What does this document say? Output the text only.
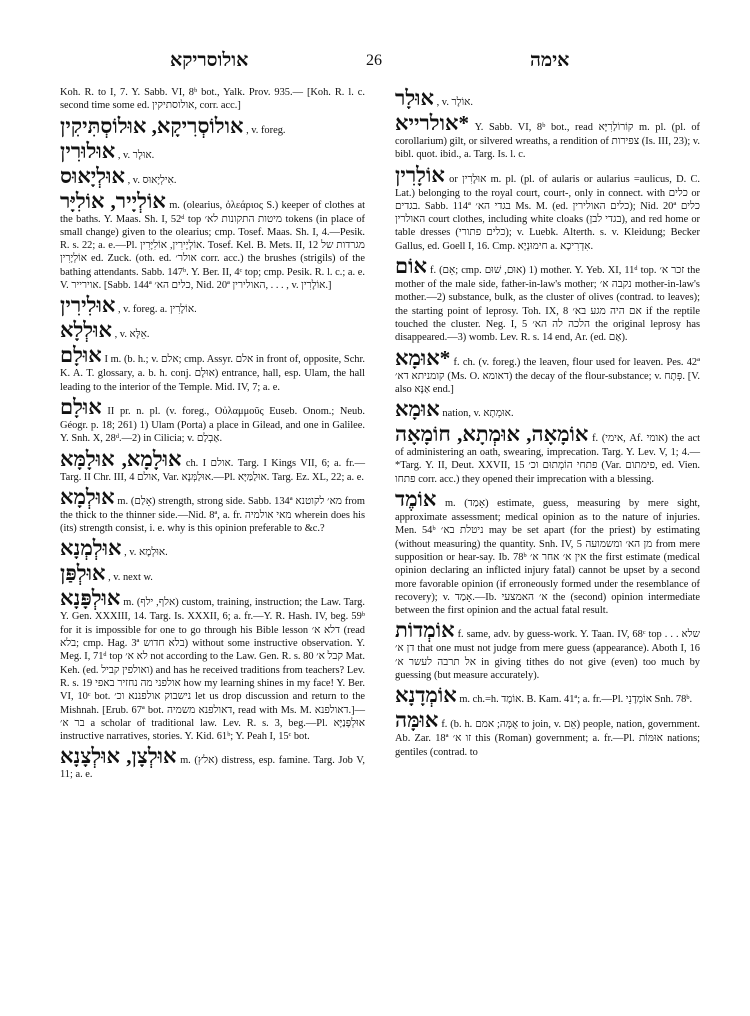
אולוסריקא	26	אימה

Koh. R. to I, 7. Y. Sabb. VI, 8ᵇ bot., Yalk. Prov. 935.— [Koh. R. l. c. second time some ed. אולוסתיקין, corr. acc.]

אולוֹסְרִיקָא, אוּלוֹסְתִּיקִין , v. foreg.

אוּלוּרִין , v. אוּלָר.

אוּלְיָאוּס , v. אִילְיָאוּס.

אוֹלְיָיר, אוֹלִיָּר m. (olearius, ὀλεάριος S.) keeper of clothes at the baths. Y. Maas. Sh. I, 52ᵈ top מיטות התקונות לא׳ tokens (in place of small change) given to the olearius; cmp. Tosef. Maas. Sh. I, 4.—Pesik. R. s. 22; a. e.—Pl. אוֹלְיָירִין, אוֹלִיָּרִין. Tosef. Kel. B. Mets. II, 12 מגרדות של אוֹלְיָרִין ed. Zuck. (oth. ed. אולר׳ corr. acc.) the brushes (strigils) of the bathing attendants. Sabb. 147ᵇ. Y. Ber. II, 4ᶜ top; cmp. Pesik. R. l. c.; a. e. V. אוירייר. [Sabb. 144ª כלים הא׳, Nid. 20ª האולירין, . . . , v. אוֹלָרִין.]

אוּלִירִין , v. foreg. a. אוֹלָרִין.

אוּלְלָא , v. אֵלָּא.

אוּלָם I m. (b. h.; v. אלם; cmp. Assyr. אלם in front of, opposite, Schr. K. A. T. glossary, a. b. h. conj. אוּלָם) entrance, hall, esp. Ulam, the hall leading to the interior of the Temple. Mid. IV, 7; a. e.

אוּלָם II pr. n. pl. (v. foreg., Οὐλαμμοῦς Euseb. Onom.; Neub. Géogr. p. 18; 261) 1) Ulam (Porta) a place in Gilead, and one in Galilee. Y. Snh. X, 28ᵈ.—2) in Cilicia; v. אַבְלַם.

אוּלָמָא, אוּלָמָּא ch. I אולם. Targ. I Kings VII, 6; a. fr.—Targ. II Chr. III, 4 אולם, Var. אוּלַמְּנָא.—Pl. אוּלַמַּיָּא. Targ. Ez. XL, 22; a. e.

אוּלְמָא m. (אָלַם) strength, strong side. Sabb. 134ª מא׳ לקוטנא from the thick to the thinner side.—Nid. 8ª, a. fr. מאי אולמיה wherein does his (its) strength consist, i. e. why is this opinion preferable to &c.?

אוּלְמְנָא , v. אוּלְמָא.

אוּלְפַּן , v. next w.

אוּלְפָּנָא m. (אלף, ילף) custom, training, instruction; the Law. Targ. Y. Gen. XXXIII, 14. Targ. Is. XXXII, 6; a. fr.—Y. R. Hash. IV, beg. 59ᵇ for it is impossible for one to go through his Bible lesson דלא א׳ (read בלא; cmp. Hag. 3ª בלא חדוש) without some instructive observation. Y. Meg. I, 71ᵈ top לא א׳ not according to the Law. Gen. R. s. 80 קבל א׳ Mat. Keh. (ed. ואולפין קביל) and has he received traditions from teachers? Lev. R. s. 19 אולפני מה נחזיר באפי how my learning shines in my face! Y. Ber. VI, 10ᶜ bot. נישבוק אולפננא וכ׳ let us drop discussion and return to the Mishnah. [Erub. 67ª bot. דאולפנא משמיה, read with Ms. M. דאולפנא.]—בר א׳ a scholar of traditional law. Lev. R. s. 3, beg.—Pl. אוּלְפָּנַיָּא instructive narratives, stories. Y. Kid. 61ᵇ; Y. Peah I, 15ᶜ bot.

אוּלְצָן, אוּלְצָנָא m. (אלץ) distress, esp. famine. Targ. Job V, 11; a. e.

אוּלָר , v. אוֹלָר.

*אולרייא Y. Sabb. VI, 8ᵇ bot., read קוֹרוֹלַרִיָּא m. pl. (pl. of corollarium) gilt, or silvered wreaths, a rendition of צפירות (Is. III, 23); v. bibl. quot. ibid., a. Targ. Is. l. c.

אוֹלָרִין or אוּלָרִין m. pl. (pl. of aularis or aularius =aulicus, D. C. Lat.) belonging to the royal court, court-, only in connect. with כלים or בגדים. Sabb. 114ª בגדי הא׳ Ms. M. (ed. כלים האולירין); Nid. 20ª כלים האולרין court clothes, including white cloaks (בגדי לבן), and red home or table dresses (כלים פתורי); v. Luebk. Alterth. s. v. Kleidung; Becker Gallus, ed. Goell I, 16. Cmp. חימוּנְיָא a. אִדְרִיכָא.

אוֹם f. (אֵם; cmp. אוּם, שׁוּם) 1) mother. Y. Yeb. XI, 11ᵈ top. זכר א׳ the mother of the male side, father-in-law's mother; נקבה א׳ mother-in-law's mother.—2) substance, bulk, as the cluster of olives (contrad. to leaves); the starting point of leprosy. Toh. IX, 8 אם היה מגע בא׳ if the reptile touched the cluster. Neg. I, 5 הלכה לה הא׳ the original leprosy has disappeared.—3) womb. Lev. R. s. 14 end, Ar. (ed. אַם).

*אוּמָא f. ch. (v. foreg.) the leaven, flour used for leaven. Pes. 42ª קומניתא דא׳ (Ms. O. דאומא) the decay of the flour-substance; v. פְּתָח. [V. also אַנָּא end.]

אוּמָא nation, v. אוּמְתָא.

אוֹמָאָה, אוּמְתָא, חוֹמָאָה f. (אימי, Af. אומי) the act of administering an oath, swearing, imprecation. Targ. Y. Lev. V, 1; 4.—*Targ. Y. II, Deut. XXVII, 15 פתחי הוֹמְתוּם וכ׳ (Var. פימתום, ed. Vien. פתחו corr. acc.) they opened their imprecation with a blessing.

אוֹמֶד m. (אָמַד) estimate, guess, measuring by mere sight, approximate assessment; medical opinion as to the nature of injuries. Men. 54ᵇ ניטלת בא׳ may be set apart (for the priest) by estimating (without measuring) the quantity. Snh. IV, 5 מן הא׳ ומשמועה from mere supposition or hear-say. Ib. 78ᵇ אין א׳ אחר א׳ the first estimate (medical opinion declaring an inflicted injury fatal) cannot be upset by a second more favorable opinion (if erroneously formed under the resemblance of recovery); v. אָמַד.—Ib. א׳ האמצעי the (second) opinion intermediate between the first opinion and the actual fatal result.

אוֹמְדוֹת f. same, adv. by guess-work. Y. Taan. IV, 68ᶜ top שלא . . . דן א׳ that one must not judge from mere guess (appearance). Aboth I, 16 אל תרבה לעשר א׳ in giving tithes do not give (even) too much by guessing (but measure accurately).

אוֹמְדָנָא m. ch.=h. אוֹמֶד. B. Kam. 41ª; a. fr.—Pl. אוֹמְדָנֵי Snh. 78ᵇ.

אוּמָּה f. (b. h. אֻמָּה; אמם to join, v. אֵם) people, nation, government. Ab. Zar. 18ª זו א׳ this (Roman) government; a. fr.—Pl. אוּמּוֹת nations; gentiles (contrad. to
